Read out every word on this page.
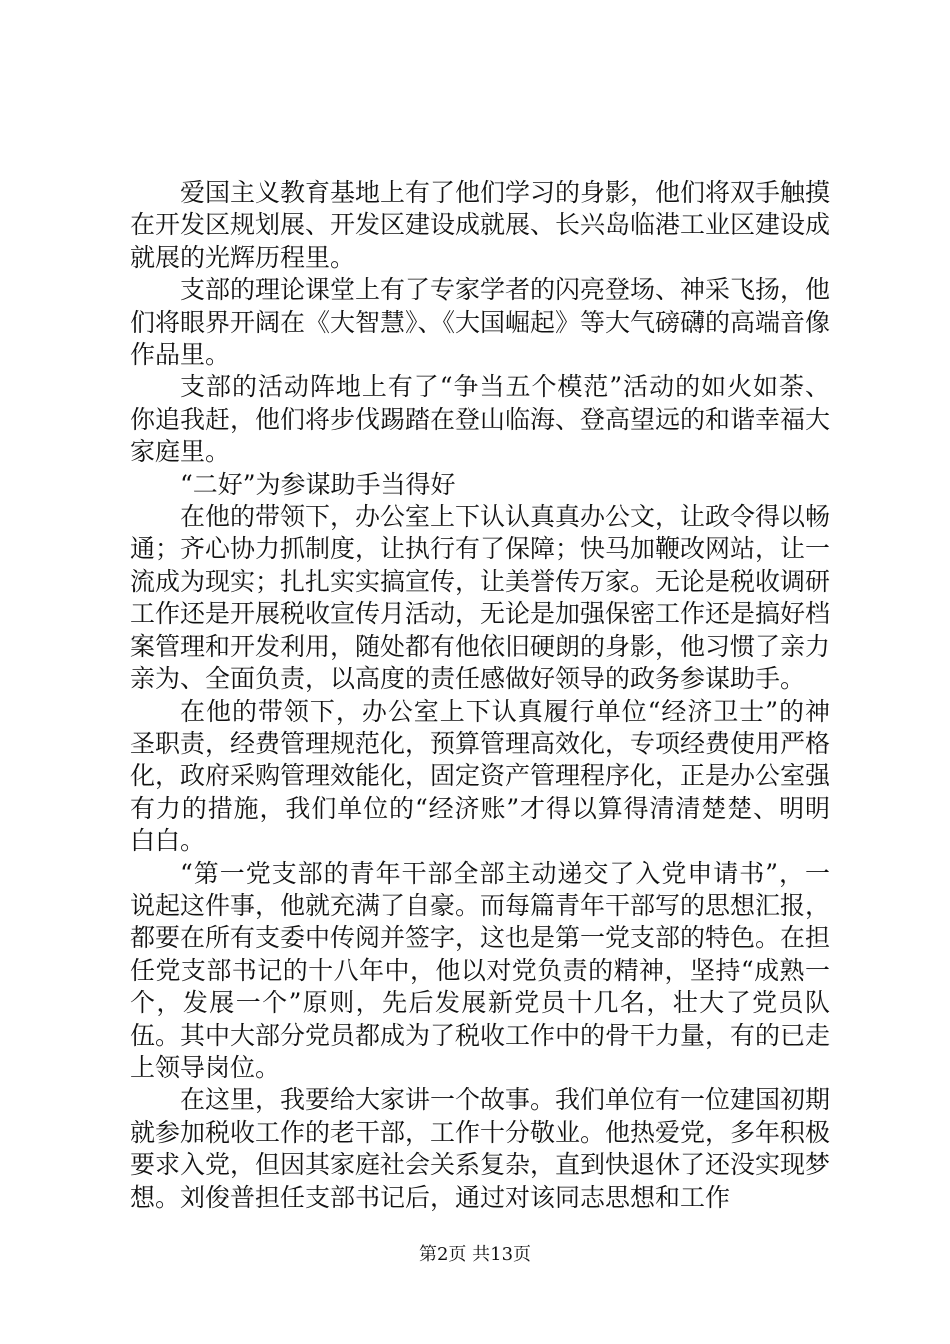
爱国主义教育基地上有了他们学习的身影，他们将双手触摸在开发区规划展、开发区建设成就展、长兴岛临港工业区建设成就展的光辉历程里。

支部的理论课堂上有了专家学者的闪亮登场、神采飞扬，他们将眼界开阔在《大智慧》、《大国崛起》等大气磅礴的高端音像作品里。

支部的活动阵地上有了“争当五个模范”活动的如火如荼、你追我赶，他们将步伐踢踏在登山临海、登高望远的和谐幸福大家庭里。

“二好”为参谋助手当得好

在他的带领下，办公室上下认认真真办公文，让政令得以畅通；齐心协力抓制度，让执行有了保障；快马加鞭改网站，让一流成为现实；扎扎实实搞宣传，让美誉传万家。无论是税收调研工作还是开展税收宣传月活动，无论是加强保密工作还是搞好档案管理和开发利用，随处都有他依旧硬朗的身影，他习惯了亲力亲为、全面负责，以高度的责任感做好领导的政务参谋助手。

在他的带领下，办公室上下认真履行单位“经济卫士”的神圣职责，经费管理规范化，预算管理高效化，专项经费使用严格化，政府采购管理效能化，固定资产管理程序化，正是办公室强有力的措施，我们单位的“经济账”才得以算得清清楚楚、明明白白。

“第一党支部的青年干部全部主动递交了入党申请书”，一说起这件事，他就充满了自豪。而每篇青年干部写的思想汇报，都要在所有支委中传阅并签字，这也是第一党支部的特色。在担任党支部书记的十八年中，他以对党负责的精神，坚持“成熟一个，发展一个”原则，先后发展新党员十几名，壮大了党员队伍。其中大部分党员都成为了税收工作中的骨干力量，有的已走上领导岗位。

在这里，我要给大家讲一个故事。我们单位有一位建国初期就参加税收工作的老干部，工作十分敬业。他热爱党，多年积极要求入党，但因其家庭社会关系复杂，直到快退休了还没实现梦想。刘俊普担任支部书记后，通过对该同志思想和工作

第2页 共13页
